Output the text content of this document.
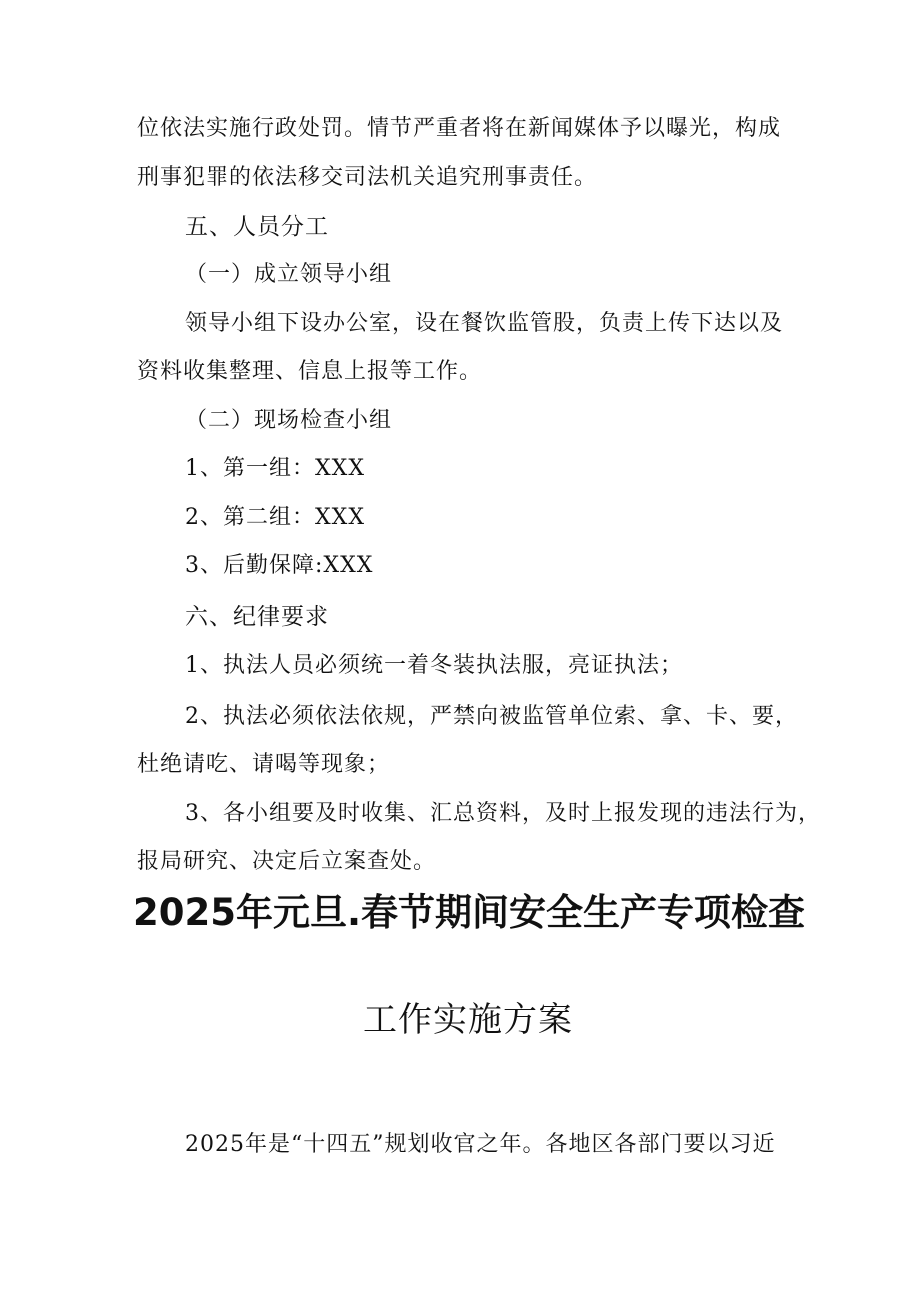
位依法实施行政处罚。情节严重者将在新闻媒体予以曝光，构成
刑事犯罪的依法移交司法机关追究刑事责任。
五、人员分工
（一）成立领导小组
领导小组下设办公室，设在餐饮监管股，负责上传下达以及
资料收集整理、信息上报等工作。
（二）现场检查小组
1、第一组：XXX
2、第二组：XXX
3、后勤保障:XXX
六、纪律要求
1、执法人员必须统一着冬装执法服，亮证执法；
2、执法必须依法依规，严禁向被监管单位索、拿、卡、要，
杜绝请吃、请喝等现象；
3、各小组要及时收集、汇总资料，及时上报发现的违法行为，
报局研究、决定后立案查处。
2025年元旦.春节期间安全生产专项检查
工作实施方案
2025年是“十四五”规划收官之年。各地区各部门要以习近
